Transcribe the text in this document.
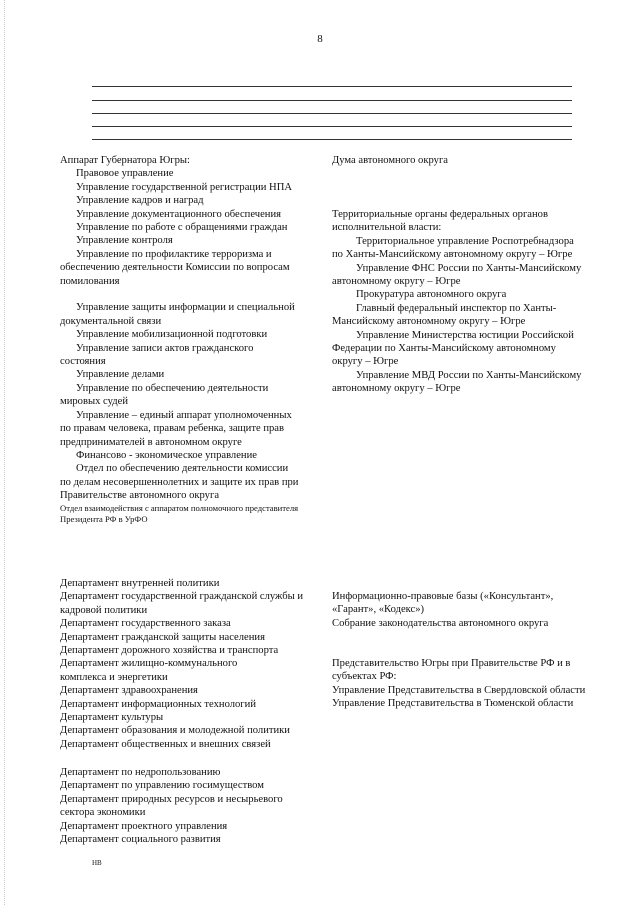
8

Аппарат Губернатора Югры:

Правовое управление

Управление государственной регистрации НПА

Управление кадров и наград

Управление документационного обеспечения

Управление по работе с обращениями граждан

Управление контроля

Управление по профилактике терроризма и

обеспечению деятельности Комиссии по вопросам помилования

Управление защиты информации и специальной

документальной связи

Управление мобилизационной подготовки

Управление записи актов гражданского

состояния

Управление делами

Управление по обеспечению деятельности

мировых судей

Управление – единый аппарат уполномоченных

по правам человека, правам ребенка, защите прав предпринимателей в автономном округе

Финансово - экономическое управление

Отдел по обеспечению деятельности комиссии

по делам несовершеннолетних и защите их прав при Правительстве автономного округа

Отдел взаимодействия с аппаратом полномочного представителя Президента РФ в УрФО

Департамент внутренней политики

Департамент государственной гражданской службы и кадровой политики

Департамент государственного заказа

Департамент гражданской защиты населения

Департамент дорожного хозяйства и транспорта

Департамент жилищно-коммунального комплекса и энергетики

Департамент здравоохранения

Департамент информационных технологий

Департамент культуры

Департамент образования и молодежной политики

Департамент общественных и внешних связей

Департамент по недропользованию

Департамент по управлению госимуществом

Департамент природных ресурсов и несырьевого сектора экономики

Департамент проектного управления

Департамент социального развития

Дума автономного округа

Территориальные органы федеральных органов исполнительной власти:

Территориальное управление Роспотребнадзора

по Ханты-Мансийскому автономному округу – Югре

Управление ФНС России по Ханты-Мансийскому

автономному округу – Югре

Прокуратура автономного округа

Главный федеральный инспектор по Ханты-

Мансийскому автономному округу – Югре

Управление Министерства юстиции Российской

Федерации по Ханты-Мансийскому автономному округу – Югре

Управление МВД России по Ханты-Мансийскому

автономному округу – Югре

Информационно-правовые базы («Консультант», «Гарант», «Кодекс»)

Собрание законодательства автономного округа

Представительство Югры при Правительстве РФ и в субъектах РФ:

Управление Представительства в Свердловской области

Управление Представительства в Тюменской области

НВ
